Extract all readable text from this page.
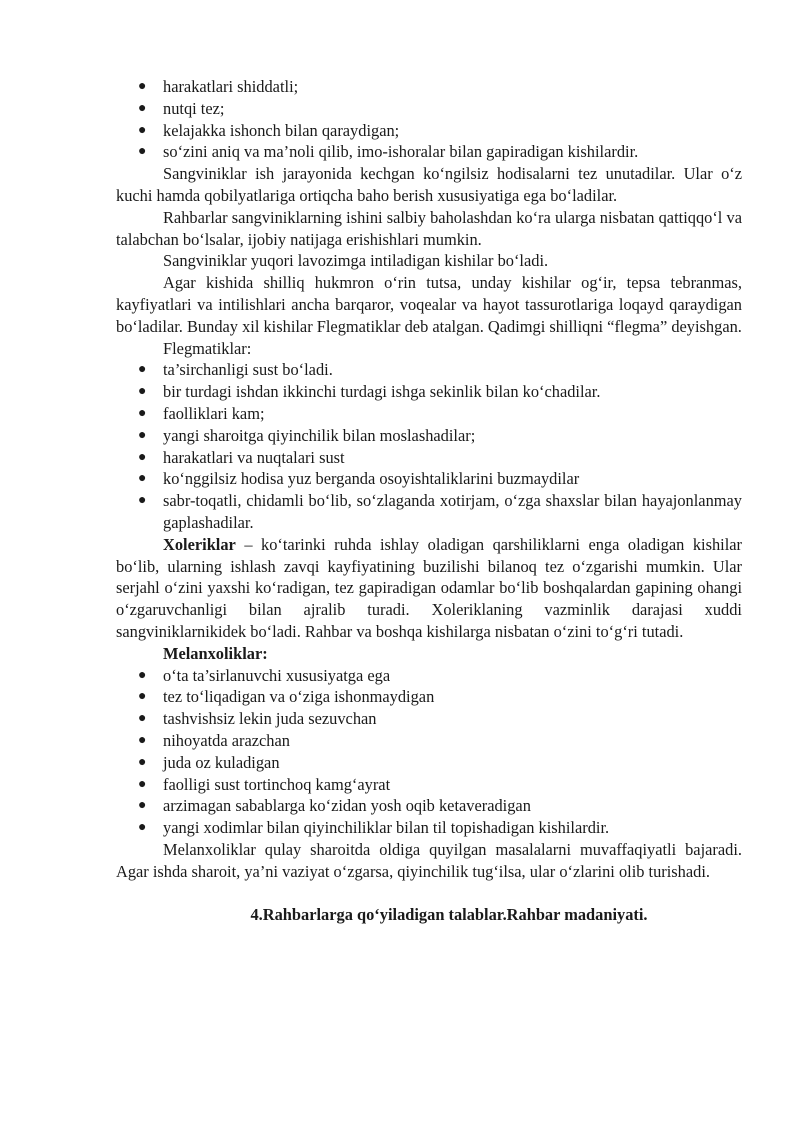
● harakatlari shiddatli;
● nutqi tez;
● kelajakka ishonch bilan qaraydigan;
● so‘zini aniq va ma’noli qilib, imo-ishoralar bilan gapiradigan kishilardir.

Sangviniklar ish jarayonida kechgan ko‘ngilsiz hodisalarni tez unutadilar. Ular o‘z kuchi hamda qobilyatlariga ortiqcha baho berish xususiyatiga ega bo‘ladilar.

Rahbarlar sangviniklarning ishini salbiy baholashdan ko‘ra ularga nisbatan qattiqqo‘l va talabchan bo‘lsalar, ijobiy natijaga erishishlari mumkin.

Sangviniklar yuqori lavozimga intiladigan kishilar bo‘ladi.

Agar kishida shilliq hukmron o‘rin tutsa, unday kishilar og‘ir, tepsa tebranmas, kayfiyatlari va intilishlari ancha barqaror, voqealar va hayot tassurotlariga loqayd qaraydigan bo‘ladilar. Bunday xil kishilar Flegmatiklar deb atalgan. Qadimgi shilliqni “flegma” deyishgan.

Flegmatiklar:

● ta’sirchanligi sust bo‘ladi.
● bir turdagi ishdan ikkinchi turdagi ishga sekinlik bilan ko‘chadilar.
● faolliklari kam;
● yangi sharoitga qiyinchilik bilan moslashadilar;
● harakatlari va nuqtalari sust
● ko‘nggilsiz hodisa yuz berganda osoyishtaliklarini buzmaydilar
● sabr-toqatli, chidamli bo‘lib, so‘zlaganda xotirjam, o‘zga shaxslar bilan hayajonlanmay gaplashadilar.

Xoleriklar – ko‘tarinki ruhda ishlay oladigan qarshiliklarni enga oladigan kishilar bo‘lib, ularning ishlash zavqi kayfiyatining buzilishi bilanoq tez o‘zgarishi mumkin. Ular serjahl o‘zini yaxshi ko‘radigan, tez gapiradigan odamlar bo‘lib boshqalardan gapining ohangi o‘zgaruvchanligi bilan ajralib turadi. Xoleriklaning vazminlik darajasi xuddi sangviniklarnikidek bo‘ladi. Rahbar va boshqa kishilarga nisbatan o‘zini to‘g‘ri tutadi.

Melanxoliklar:

● o‘ta ta’sirlanuvchi xususiyatga ega
● tez to‘liqadigan va o‘ziga ishonmaydigan
● tashvishsiz lekin juda sezuvchan
● nihoyatda arazchan
● juda oz kuladigan
● faolligi sust tortinchoq kamg‘ayrat
● arzimagan sabablarga ko‘zidan yosh oqib ketaveradigan
● yangi xodimlar bilan qiyinchiliklar bilan til topishadigan kishilardir.

Melanxoliklar qulay sharoitda oldiga quyilgan masalalarni muvaffaqiyatli bajaradi. Agar ishda sharoit, ya’ni vaziyat o‘zgarsa, qiyinchilik tug‘ilsa, ular o‘zlarini olib turishadi.

4.Rahbarlarga qo‘yiladigan talablar.Rahbar madaniyati.
